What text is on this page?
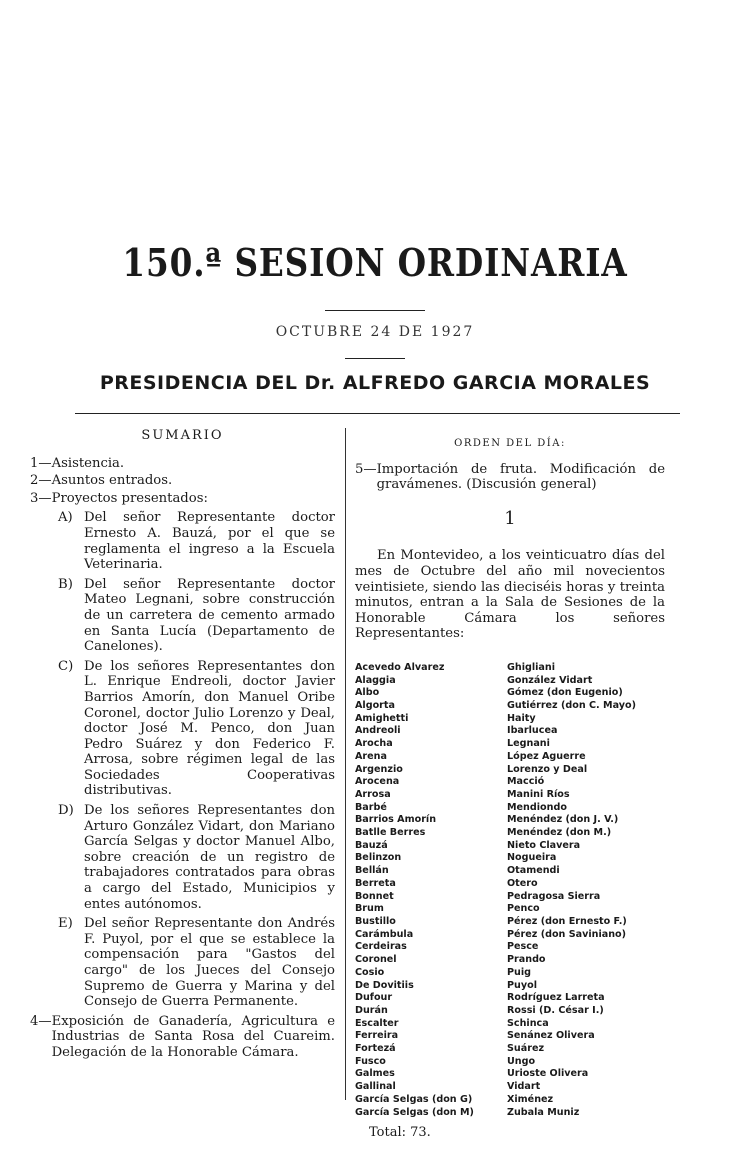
150.ª SESION ORDINARIA
OCTUBRE 24 DE 1927
PRESIDENCIA DEL Dr. ALFREDO GARCIA MORALES
SUMARIO
1— Asistencia.
2— Asuntos entrados.
3— Proyectos presentados:
A) Del señor Representante doctor Ernesto A. Bauzá, por el que se reglamenta el ingreso a la Escuela Veterinaria.
B) Del señor Representante doctor Mateo Legnani, sobre construcción de un carretera de cemento armado en Santa Lucía (Departamento de Canelones).
C) De los señores Representantes don L. Enrique Endreoli, doctor Javier Barrios Amorín, don Manuel Oribe Coronel, doctor Julio Lorenzo y Deal, doctor José M. Penco, don Juan Pedro Suárez y don Federico F. Arrosa, sobre régimen legal de las Sociedades Cooperativas distributivas.
D) De los señores Representantes don Arturo González Vidart, don Mariano García Selgas y doctor Manuel Albo, sobre creación de un registro de trabajadores contratados para obras a cargo del Estado, Municipios y entes autónomos.
E) Del señor Representante don Andrés F. Puyol, por el que se establece la compensación para "Gastos del cargo" de los Jueces del Consejo Supremo de Guerra y Marina y del Consejo de Guerra Permanente.
4— Exposición de Ganadería, Agricultura e Industrias de Santa Rosa del Cuareim. Delegación de la Honorable Cámara.
ORDEN DEL DÍA:
5— Importación de fruta. Modificación de gravámenes. (Discusión general)
1

En Montevideo, a los veinticuatro días del mes de Octubre del año mil novecientos veintisiete, siendo las dieciséis horas y treinta minutos, entran a la Sala de Sesiones de la Honorable Cámara los señores Representantes:

Acevedo Alvarez
Alaggia
Albo
Algorta
Amighetti
Andreoli
Arocha
Arena
Argenzio
Arocena
Arrosa
Barbé
Barrios Amorín
Batlle Berres
Bauzá
Belinzon
Bellán
Berreta
Bonnet
Brum
Bustillo
Carámbula
Cerdeiras
Coronel
Cosio
De Dovitiis
Dufour
Durán
Escalter
Ferreira
Fortezá
Fusco
Galmes
Gallinal
García Selgas (don G)
García Selgas (don M)
Ghigliani
González Vidart
Gómez (don Eugenio)
Gutiérrez (don C. Mayo)
Haity
Ibarlucea
Legnani
López Aguerre
Lorenzo y Deal
Macció
Manini Ríos
Mendiondo
Menéndez (don J. V.)
Menéndez (don M.)
Nieto Clavera
Nogueira
Otamendi
Otero
Pedragosa Sierra
Penco
Pérez (don Ernesto F.)
Pérez (don Saviniano)
Pesce
Prando
Puig
Puyol
Rodríguez Larreta
Rossi (D. César I.)
Schinca
Senánez Olivera
Suárez
Ungo
Urioste Olivera
Vidart
Ximénez
Zubala Muniz
Total: 73.
